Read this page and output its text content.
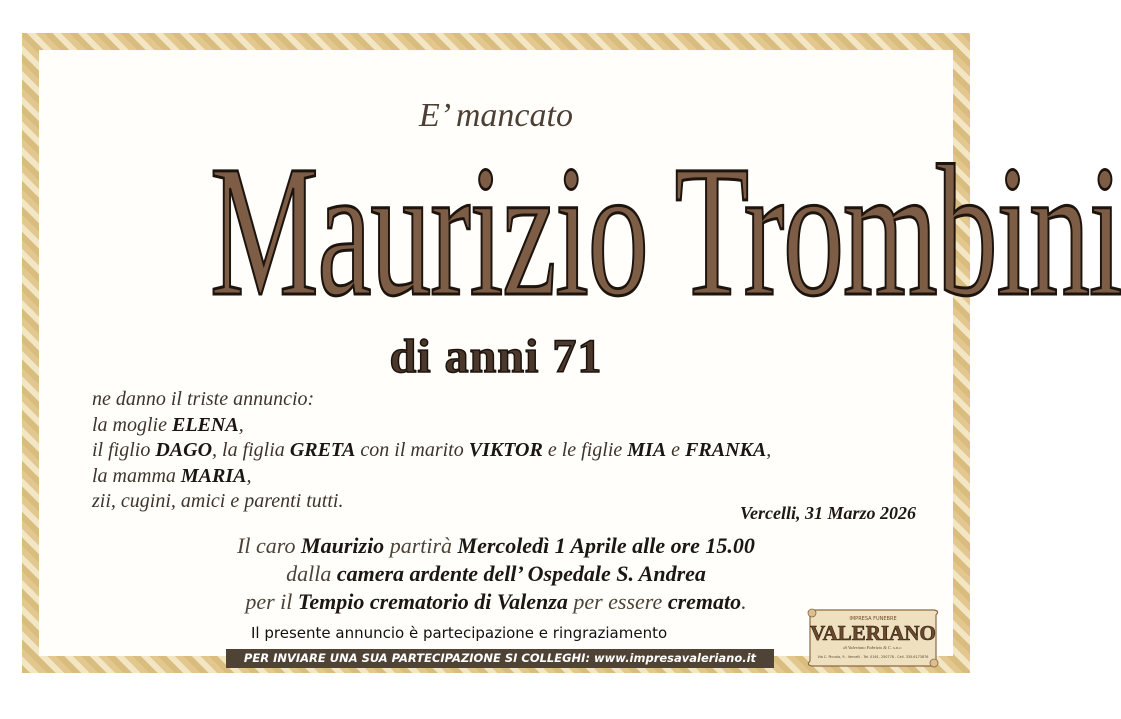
E’ mancato
Maurizio Trombini
di anni 71
ne danno il triste annuncio:
la moglie ELENA,
il figlio DAGO, la figlia GRETA con il marito VIKTOR e le figlie MIA e FRANKA,
la mamma MARIA,
zii, cugini, amici e parenti tutti.
Vercelli, 31 Marzo 2026
Il caro Maurizio partirà Mercoledì 1 Aprile alle ore 15.00
dalla camera ardente dell’ Ospedale S. Andrea
per il Tempio crematorio di Valenza per essere cremato.
Il presente annuncio è partecipazione e ringraziamento
PER INVIARE UNA SUA PARTECIPAZIONE SI COLLEGHI: www.impresavaleriano.it
IMPRESA FUNEBRE
VALERIANO
di Valeriano Fabrizio & C. s.n.c.
Via C. Piccolo, 9 - Vercelli - Tel. 0161. 250778 - Cell. 335.6173876
